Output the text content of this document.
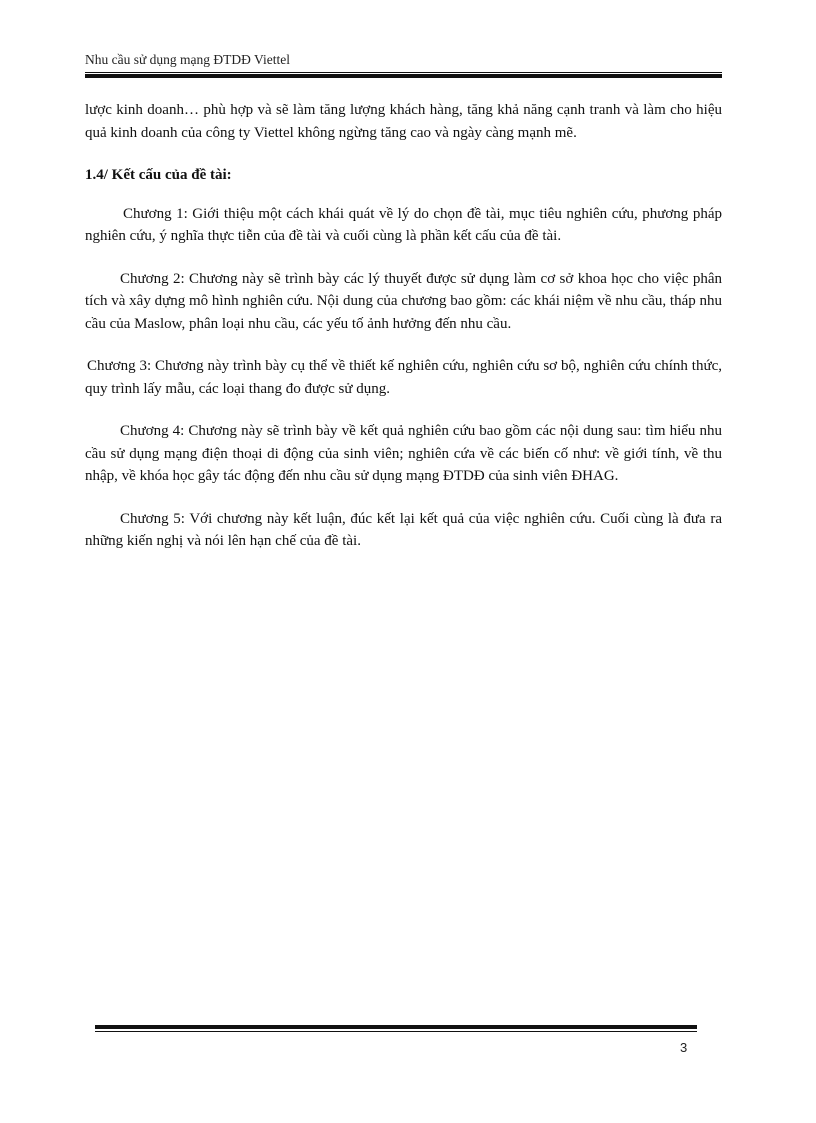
Nhu cầu sử dụng mạng ĐTDĐ Viettel

lược kinh doanh… phù hợp và sẽ làm tăng lượng khách hàng, tăng khả năng cạnh tranh và làm cho hiệu quả kinh doanh của công ty Viettel không ngừng tăng cao và ngày càng mạnh mẽ.

1.4/ Kết cấu của đề tài:

Chương 1: Giới thiệu một cách khái quát về lý do chọn đề tài, mục tiêu nghiên cứu, phương pháp nghiên cứu, ý nghĩa thực tiễn của đề tài và cuối cùng là phần kết cấu của đề tài.

Chương 2: Chương này sẽ trình bày các lý thuyết được sử dụng làm cơ sở khoa học cho việc phân tích và xây dựng mô hình nghiên cứu. Nội dung của chương bao gồm: các khái niệm về nhu cầu, tháp nhu cầu của Maslow, phân loại nhu cầu, các yếu tố ảnh hưởng đến nhu cầu.

Chương 3: Chương này trình bày cụ thể về thiết kế nghiên cứu, nghiên cứu sơ bộ, nghiên cứu chính thức, quy trình lấy mẫu, các loại thang đo được sử dụng.

Chương 4: Chương này sẽ trình bày về kết quả nghiên cứu bao gồm các nội dung sau: tìm hiểu nhu cầu sử dụng mạng điện thoại di động của sinh viên; nghiên cứa về các biến cố như: về giới tính, về thu nhập, về khóa học gây tác động đến nhu cầu sử dụng mạng ĐTDĐ của sinh viên ĐHAG.

Chương 5: Với chương này kết luận, đúc kết lại kết quả của việc nghiên cứu. Cuối cùng là đưa ra những kiến nghị và nói lên hạn chế của đề tài.

3
